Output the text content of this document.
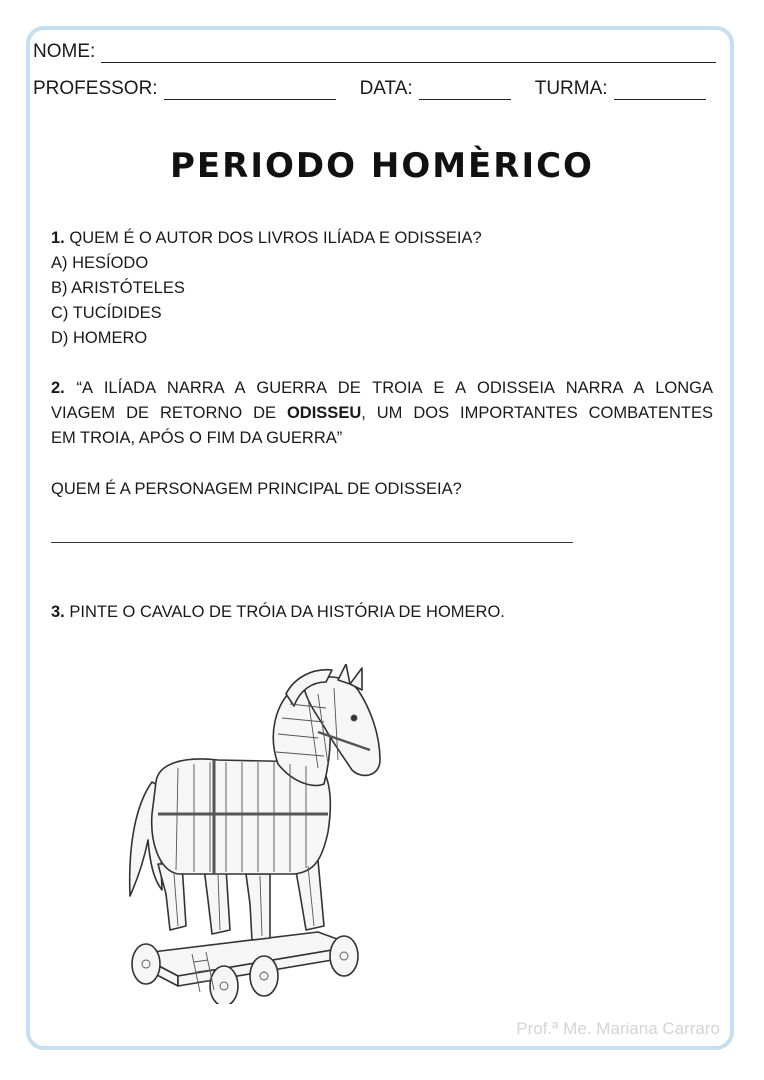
NOME:
PROFESSOR:	DATA:	TURMA:
PERIODO HOMÈRICO
1. QUEM É O AUTOR DOS LIVROS ILÍADA E ODISSEIA?
A) HESÍODO
B) ARISTÓTELES
C) TUCÍDIDES
D) HOMERO
2. “A ILÍADA NARRA A GUERRA DE TROIA E A ODISSEIA NARRA A LONGA
VIAGEM DE RETORNO DE ODISSEU, UM DOS IMPORTANTES COMBATENTES
EM TROIA, APÓS O FIM DA GUERRA”
QUEM É A PERSONAGEM PRINCIPAL DE ODISSEIA?
3. PINTE O CAVALO DE TRÓIA DA HISTÓRIA DE HOMERO.
Prof.ª Me. Mariana Carraro
